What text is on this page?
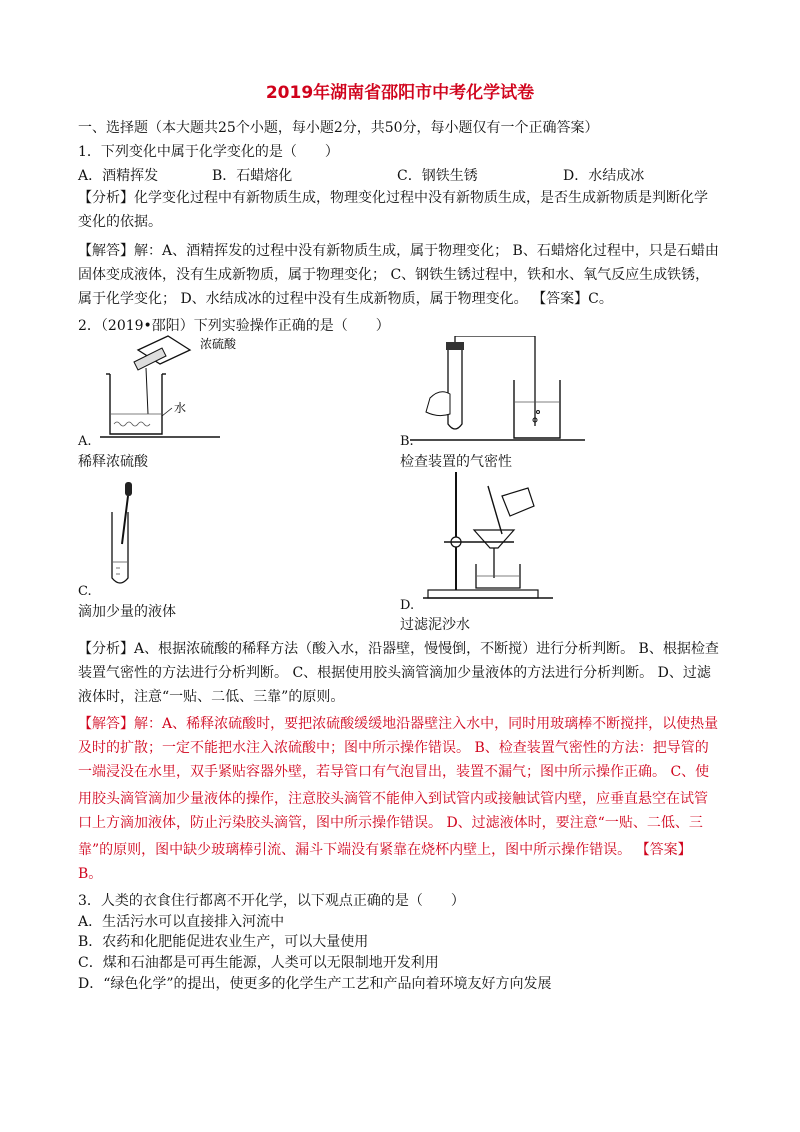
2019年湖南省邵阳市中考化学试卷
一、选择题（本大题共25个小题，每小题2分，共50分，每小题仅有一个正确答案）
1．下列变化中属于化学变化的是（　　）
A．酒精挥发	B．石蜡熔化	C．钢铁生锈	D．水结成冰
【分析】化学变化过程中有新物质生成，物理变化过程中没有新物质生成，是否生成新物质是判断化学
变化的依据。
【解答】解：A、酒精挥发的过程中没有新物质生成，属于物理变化； B、石蜡熔化过程中，只是石蜡由
固体变成液体，没有生成新物质，属于物理变化； C、钢铁生锈过程中，铁和水、氧气反应生成铁锈，
属于化学变化； D、水结成冰的过程中没有生成新物质，属于物理变化。 【答案】C。
2．（2019•邵阳）下列实验操作正确的是（　　）
浓硫酸
水
A.
稀释浓硫酸
B.
检查装置的气密性
C.
滴加少量的液体	D.
过滤泥沙水
【分析】A、根据浓硫酸的稀释方法（酸入水，沿器壁，慢慢倒，不断搅）进行分析判断。 B、根据检查
装置气密性的方法进行分析判断。 C、根据使用胶头滴管滴加少量液体的方法进行分析判断。 D、过滤
液体时，注意“一贴、二低、三靠”的原则。
【解答】解：A、稀释浓硫酸时，要把浓硫酸缓缓地沿器壁注入水中，同时用玻璃棒不断搅拌，以使热量
及时的扩散；一定不能把水注入浓硫酸中；图中所示操作错误。 B、检查装置气密性的方法：把导管的
一端浸没在水里，双手紧贴容器外壁，若导管口有气泡冒出，装置不漏气；图中所示操作正确。 C、使
用胶头滴管滴加少量液体的操作，注意胶头滴管不能伸入到试管内或接触试管内壁，应垂直悬空在试管
口上方滴加液体，防止污染胶头滴管，图中所示操作错误。 D、过滤液体时，要注意“一贴、二低、三
靠”的原则，图中缺少玻璃棒引流、漏斗下端没有紧靠在烧杯内壁上，图中所示操作错误。 【答案】
B。
3．人类的衣食住行都离不开化学，以下观点正确的是（　　）
A．生活污水可以直接排入河流中
B．农药和化肥能促进农业生产，可以大量使用
C．煤和石油都是可再生能源，人类可以无限制地开发利用
D．“绿色化学”的提出，使更多的化学生产工艺和产品向着环境友好方向发展
